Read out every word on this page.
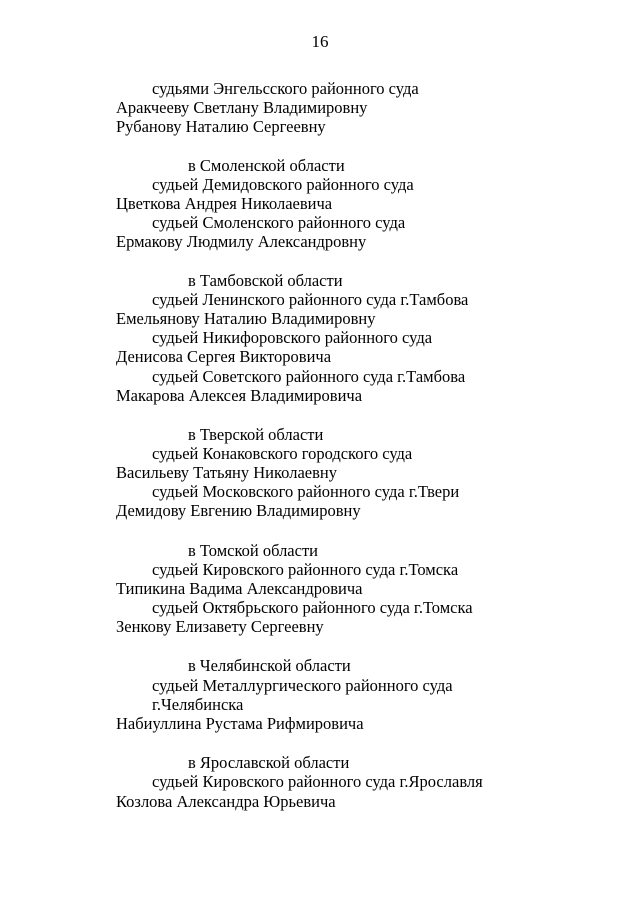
16
судьями Энгельсского районного суда
Аракчееву Светлану Владимировну
Рубанову Наталию Сергеевну
в Смоленской области
судьей Демидовского районного суда
Цветкова Андрея Николаевича
судьей Смоленского районного суда
Ермакову Людмилу Александровну
в Тамбовской области
судьей Ленинского районного суда г.Тамбова
Емельянову Наталию Владимировну
судьей Никифоровского районного суда
Денисова Сергея Викторовича
судьей Советского районного суда г.Тамбова
Макарова Алексея Владимировича
в Тверской области
судьей Конаковского городского суда
Васильеву Татьяну Николаевну
судьей Московского районного суда г.Твери
Демидову Евгению Владимировну
в Томской области
судьей Кировского районного суда г.Томска
Типикина Вадима Александровича
судьей Октябрьского районного суда г.Томска
Зенкову Елизавету Сергеевну
в Челябинской области
судьей Металлургического районного суда
г.Челябинска
Набиуллина Рустама Рифмировича
в Ярославской области
судьей Кировского районного суда г.Ярославля
Козлова Александра Юрьевича
